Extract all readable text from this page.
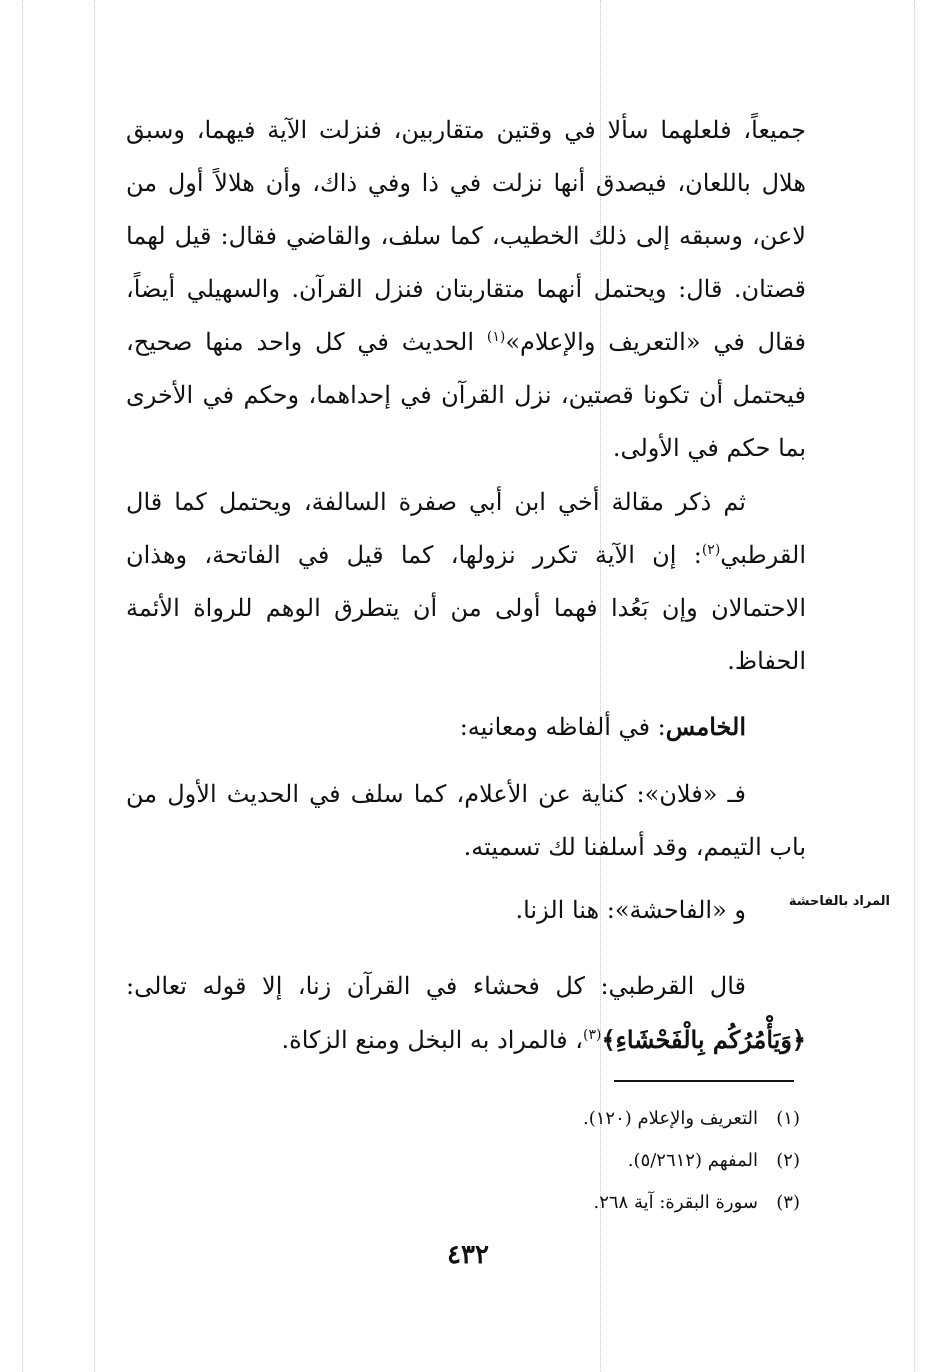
جميعاً، فلعلهما سألا في وقتين متقاربين، فنزلت الآية فيهما، وسبق هلال باللعان، فيصدق أنها نزلت في ذا وفي ذاك، وأن هلالاً أول من لاعن، وسبقه إلى ذلك الخطيب، كما سلف، والقاضي فقال: قيل لهما قصتان. قال: ويحتمل أنهما متقاربتان فنزل القرآن. والسهيلي أيضاً، فقال في «التعريف والإعلام»$^{(١)}$ الحديث في كل واحد منها صحيح، فيحتمل أن تكونا قصتين، نزل القرآن في إحداهما، وحكم في الأخرى بما حكم في الأولى.

ثم ذكر مقالة أخي ابن أبي صفرة السالفة، ويحتمل كما قال القرطبي$^{(٢)}$: إن الآية تكرر نزولها، كما قيل في الفاتحة، وهذان الاحتمالان وإن بَعُدا فهما أولى من أن يتطرق الوهم للرواة الأئمة الحفاظ.

الخامس: في ألفاظه ومعانيه:

فـ «فلان»: كناية عن الأعلام، كما سلف في الحديث الأول من باب التيمم، وقد أسلفنا لك تسميته.

و «الفاحشة»: هنا الزنا.	المراد بالفاحشة

قال القرطبي: كل فحشاء في القرآن زنا، إلا قوله تعالى: ﴿وَيَأْمُرُكُم بِالْفَحْشَاءِ﴾$^{(٣)}$، فالمراد به البخل ومنع الزكاة.

(١)التعريف والإعلام (١٢٠).
(٢)المفهم (٥/٢٦١٢).
(٣)سورة البقرة: آية ٢٦٨.
٤٣٢
